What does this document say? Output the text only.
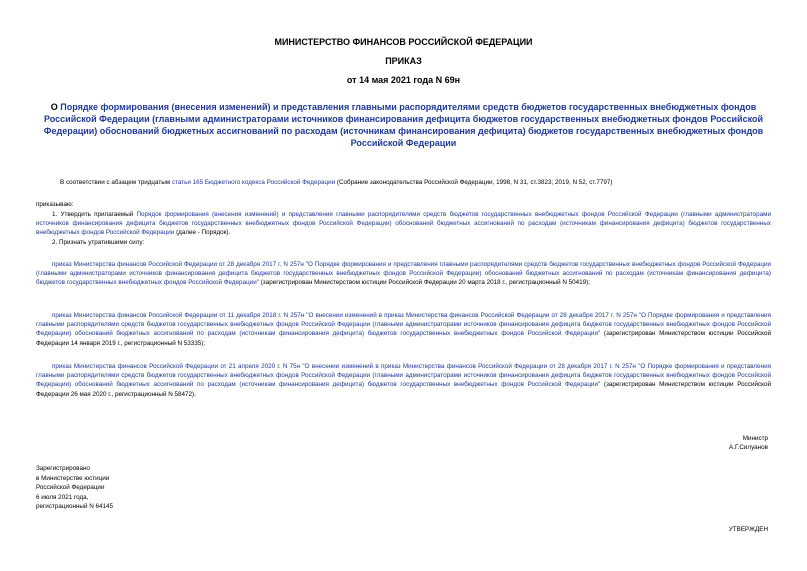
МИНИСТЕРСТВО ФИНАНСОВ РОССИЙСКОЙ ФЕДЕРАЦИИ
ПРИКАЗ
от 14 мая 2021 года N 69н
О Порядке формирования (внесения изменений) и представления главными распорядителями средств бюджетов государственных внебюджетных фондов Российской Федерации (главными администраторами источников финансирования дефицита бюджетов государственных внебюджетных фондов Российской Федерации) обоснований бюджетных ассигнований по расходам (источникам финансирования дефицита) бюджетов государственных внебюджетных фондов Российской Федерации
В соответствии с абзацем тридцатым статьи 165 Бюджетного кодекса Российской Федерации (Собрание законодательства Российской Федерации, 1998, N 31, ст.3823; 2019, N 52, ст.7797)
приказываю:
1. Утвердить прилагаемый Порядок формирования (внесения изменений) и представления главными распорядителями средств бюджетов государственных внебюджетных фондов Российской Федерации (главными администраторами источников финансирования дефицита бюджетов государственных внебюджетных фондов Российской Федерации) обоснований бюджетных ассигнований по расходам (источникам финансирования дефицита) бюджетов государственных внебюджетных фондов Российской Федерации (далее - Порядок).
2. Признать утратившими силу:
приказ Министерства финансов Российской Федерации от 28 декабря 2017 г. N 257н "О Порядке формирования и представления главными распорядителями средств бюджетов государственных внебюджетных фондов Российской Федерации (главными администраторами источников финансирования дефицита бюджетов государственных внебюджетных фондов Российской Федерации) обоснований бюджетных ассигнований по расходам (источникам финансирования дефицита) бюджетов государственных внебюджетных фондов Российской Федерации" (зарегистрирован Министерством юстиции Российской Федерации 20 марта 2018 г., регистрационный N 50419);
приказ Министерства финансов Российской Федерации от 11 декабря 2018 г. N 257н "О внесении изменений в приказ Министерства финансов Российской Федерации от 28 декабря 2017 г. N 257н "О Порядке формирования и представления главными распорядителями средств бюджетов государственных внебюджетных фондов Российской Федерации (главными администраторами источников финансирования дефицита бюджетов государственных внебюджетных фондов Российской Федерации) обоснований бюджетных ассигнований по расходам (источникам финансирования дефицита) бюджетов государственных внебюджетных фондов Российской Федерации" (зарегистрирован Министерством юстиции Российской Федерации 14 января 2019 г., регистрационный N 53335);
приказ Министерства финансов Российской Федерации от 21 апреля 2020 г. N 75н "О внесении изменений в приказ Министерства финансов Российской Федерации от 28 декабря 2017 г. N 257н "О Порядке формирования и представления главными распорядителями средств бюджетов государственных внебюджетных фондов Российской Федерации (главными администраторами источников финансирования дефицита бюджетов государственных внебюджетных фондов Российской Федерации) обоснований бюджетных ассигнований по расходам (источникам финансирования дефицита) бюджетов государственных внебюджетных фондов Российской Федерации" (зарегистрирован Министерством юстиции Российской Федерации 26 мая 2020 г., регистрационный N 58472).
Министр
А.Г.Силуанов
Зарегистрировано
в Министерстве юстиции
Российской Федерации
6 июля 2021 года,
регистрационный N 64145
УТВЕРЖДЕН
